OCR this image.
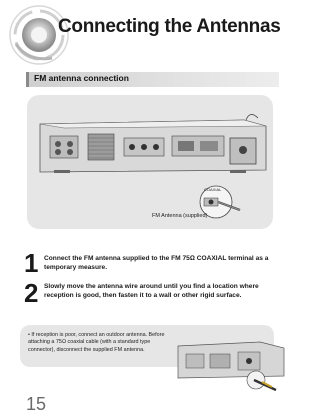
Connecting the Antennas
FM antenna connection
COAXIAL
FM Antenna (supplied)
1 Connect the FM antenna supplied to the FM 75Ω COAXIAL terminal as a temporary measure.
2 Slowly move the antenna wire around until you find a location where reception is good, then fasten it to a wall or other rigid surface.
• If reception is poor, connect an outdoor antenna. Before attaching a 75Ω coaxial cable (with a standard type connector), disconnect the supplied FM antenna.
15
